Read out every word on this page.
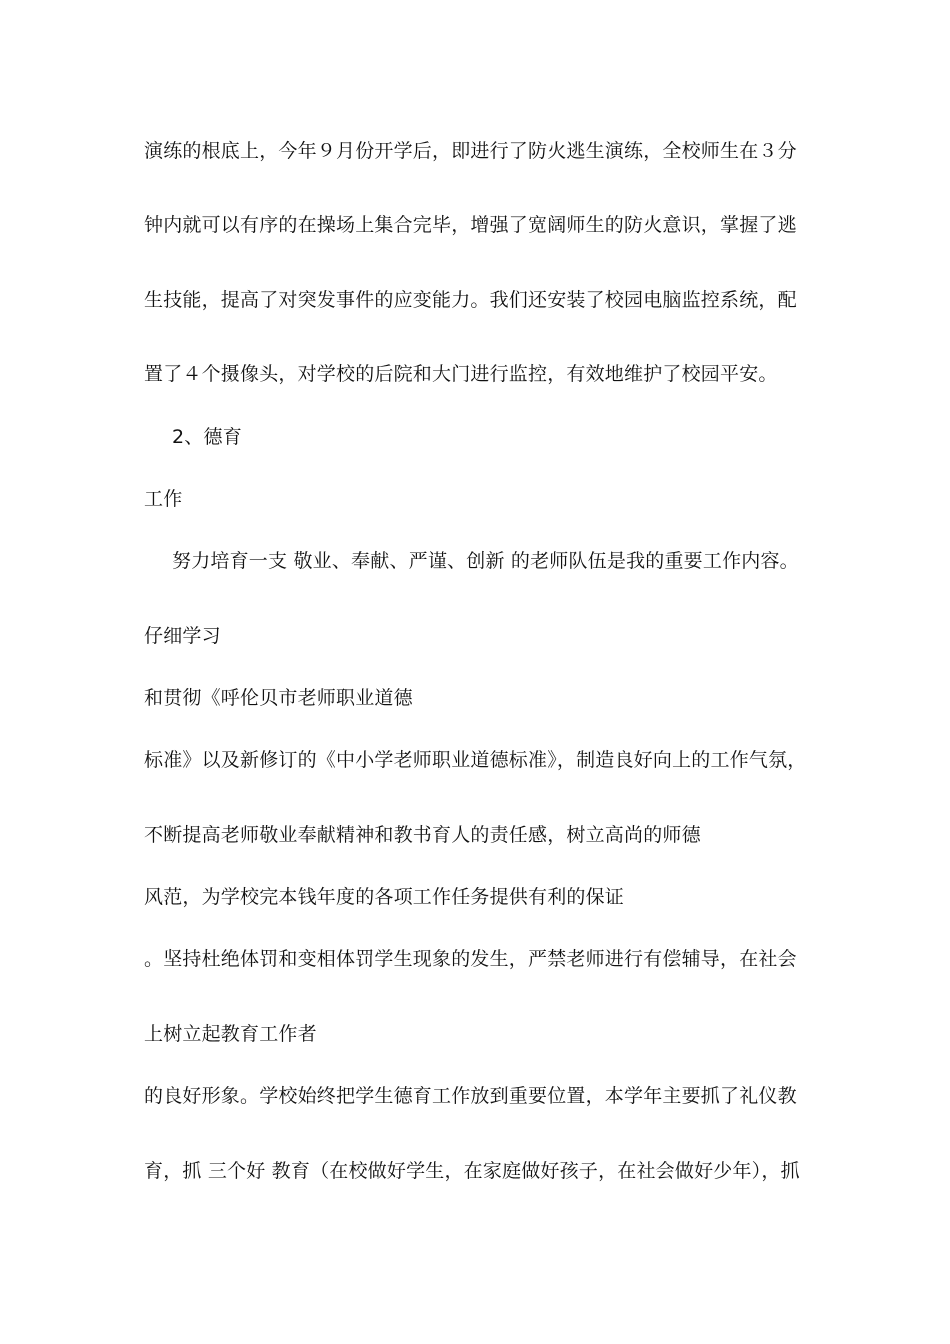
演练的根底上，今年９月份开学后，即进行了防火逃生演练，全校师生在３分
钟内就可以有序的在操场上集合完毕，增强了宽阔师生的防火意识，掌握了逃
生技能，提高了对突发事件的应变能力。我们还安装了校园电脑监控系统，配
置了４个摄像头，对学校的后院和大门进行监控，有效地维护了校园平安。
2、德育
工作
努力培育一支 敬业、奉献、严谨、创新 的老师队伍是我的重要工作内容。
仔细学习
和贯彻《呼伦贝市老师职业道德
标准》以及新修订的《中小学老师职业道德标准》，制造良好向上的工作气氛，
不断提高老师敬业奉献精神和教书育人的责任感，树立高尚的师德
风范，为学校完本钱年度的各项工作任务提供有利的保证
。坚持杜绝体罚和变相体罚学生现象的发生，严禁老师进行有偿辅导，在社会
上树立起教育工作者
的良好形象。学校始终把学生德育工作放到重要位置，本学年主要抓了礼仪教
育，抓 三个好 教育（在校做好学生，在家庭做好孩子，在社会做好少年），抓
